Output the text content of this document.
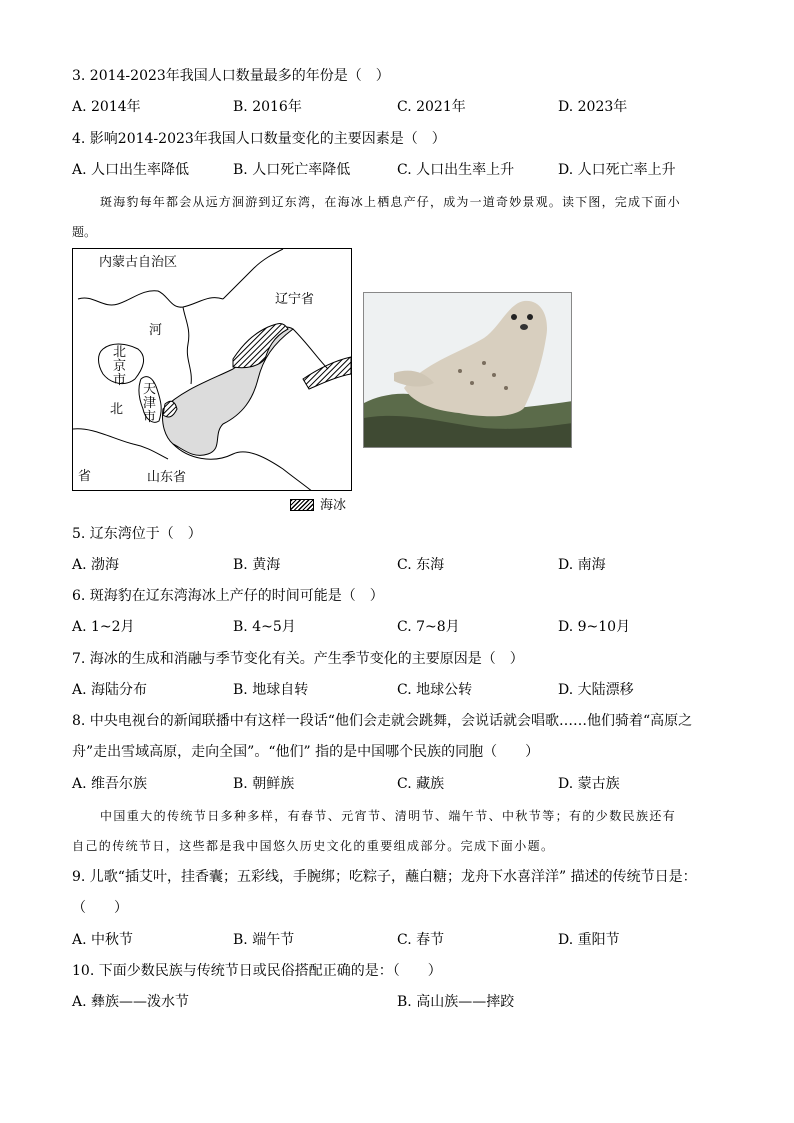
3. 2014-2023年我国人口数量最多的年份是（　）
A. 2014年	B. 2016年	C. 2021年	D. 2023年
4. 影响2014-2023年我国人口数量变化的主要因素是（　）
A. 人口出生率降低	B. 人口死亡率降低	C. 人口出生率上升	D. 人口死亡率上升
斑海豹每年都会从远方洄游到辽东湾，在海冰上栖息产仔，成为一道奇妙景观。读下图，完成下面小
题。
内蒙古自治区
辽宁省
河
北
省
北京市
天津市
山东省
海冰
5. 辽东湾位于（　）
A. 渤海	B. 黄海	C. 东海	D. 南海
6. 斑海豹在辽东湾海冰上产仔的时间可能是（　）
A. 1~2月	B. 4~5月	C. 7~8月	D. 9~10月
7. 海冰的生成和消融与季节变化有关。产生季节变化的主要原因是（　）
A. 海陆分布	B. 地球自转	C. 地球公转	D. 大陆漂移
8. 中央电视台的新闻联播中有这样一段话“他们会走就会跳舞，会说话就会唱歌……他们骑着“高原之
舟”走出雪域高原，走向全国”。“他们” 指的是中国哪个民族的同胞（　　）
A. 维吾尔族	B. 朝鲜族	C. 藏族	D. 蒙古族
中国重大的传统节日多种多样，有春节、元宵节、清明节、端午节、中秋节等；有的少数民族还有
自己的传统节日，这些都是我中国悠久历史文化的重要组成部分。完成下面小题。
9. 儿歌“插艾叶，挂香囊；五彩线，手腕绑；吃粽子，蘸白糖；龙舟下水喜洋洋” 描述的传统节日是：
（　　）
A. 中秋节	B. 端午节	C. 春节	D. 重阳节
10. 下面少数民族与传统节日或民俗搭配正确的是：（　　）
A. 彝族——泼水节	B. 高山族——摔跤
